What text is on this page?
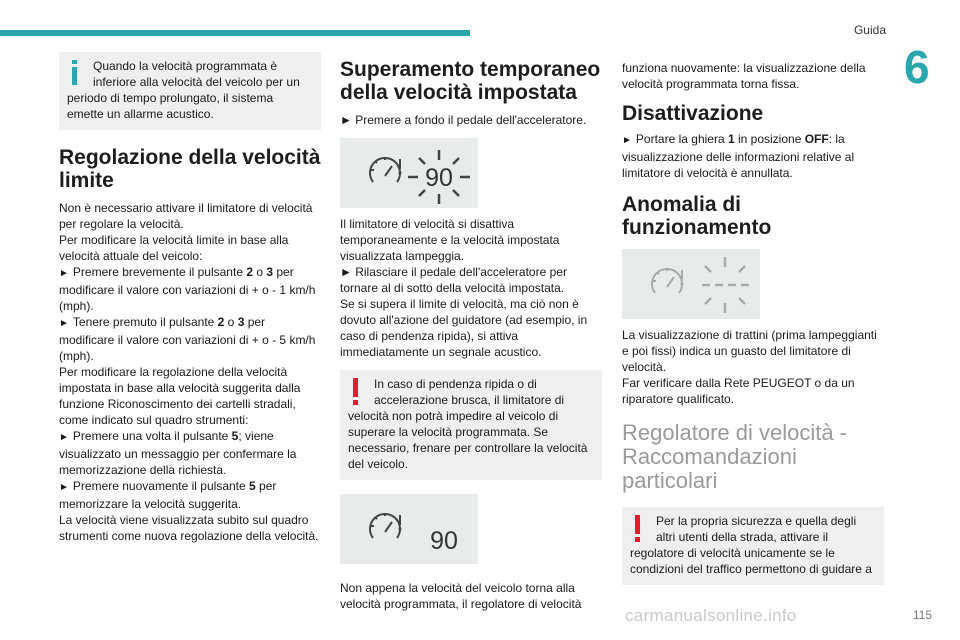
Guida
6
Quando la velocità programmata è inferiore alla velocità del veicolo per un periodo di tempo prolungato, il sistema emette un allarme acustico.
Regolazione della velocità limite

Non è necessario attivare il limitatore di velocità per regolare la velocità.

Per modificare la velocità limite in base alla velocità attuale del veicolo:

► Premere brevemente il pulsante 2 o 3 per modificare il valore con variazioni di + o - 1 km/h (mph).

► Tenere premuto il pulsante 2 o 3 per modificare il valore con variazioni di + o - 5 km/h (mph).

Per modificare la regolazione della velocità impostata in base alla velocità suggerita dalla funzione Riconoscimento dei cartelli stradali, come indicato sul quadro strumenti:

► Premere una volta il pulsante 5; viene visualizzato un messaggio per confermare la memorizzazione della richiesta.

► Premere nuovamente il pulsante 5 per memorizzare la velocità suggerita.

La velocità viene visualizzata subito sul quadro strumenti come nuova regolazione della velocità.

Superamento temporaneo della velocità impostata

► Premere a fondo il pedale dell'acceleratore.

90

Il limitatore di velocità si disattiva temporaneamente e la velocità impostata visualizzata lampeggia.

► Rilasciare il pedale dell'acceleratore per tornare al di sotto della velocità impostata.

Se si supera il limite di velocità, ma ciò non è dovuto all'azione del guidatore (ad esempio, in caso di pendenza ripida), si attiva immediatamente un segnale acustico.

In caso di pendenza ripida o di accelerazione brusca, il limitatore di velocità non potrà impedire al veicolo di superare la velocità programmata. Se necessario, frenare per controllare la velocità del veicolo.
90

Non appena la velocità del veicolo torna alla velocità programmata, il regolatore di velocità

funziona nuovamente: la visualizzazione della velocità programmata torna fissa.

Disattivazione

► Portare la ghiera 1 in posizione OFF: la visualizzazione delle informazioni relative al limitatore di velocità è annullata.

Anomalia di funzionamento

La visualizzazione di trattini (prima lampeggianti e poi fissi) indica un guasto del limitatore di velocità.

Far verificare dalla Rete PEUGEOT o da un riparatore qualificato.

Regolatore di velocità - Raccomandazioni particolari
Per la propria sicurezza e quella degli altri utenti della strada, attivare il regolatore di velocità unicamente se le condizioni del traffico permettono di guidare a
115
carmanualsonline.info
